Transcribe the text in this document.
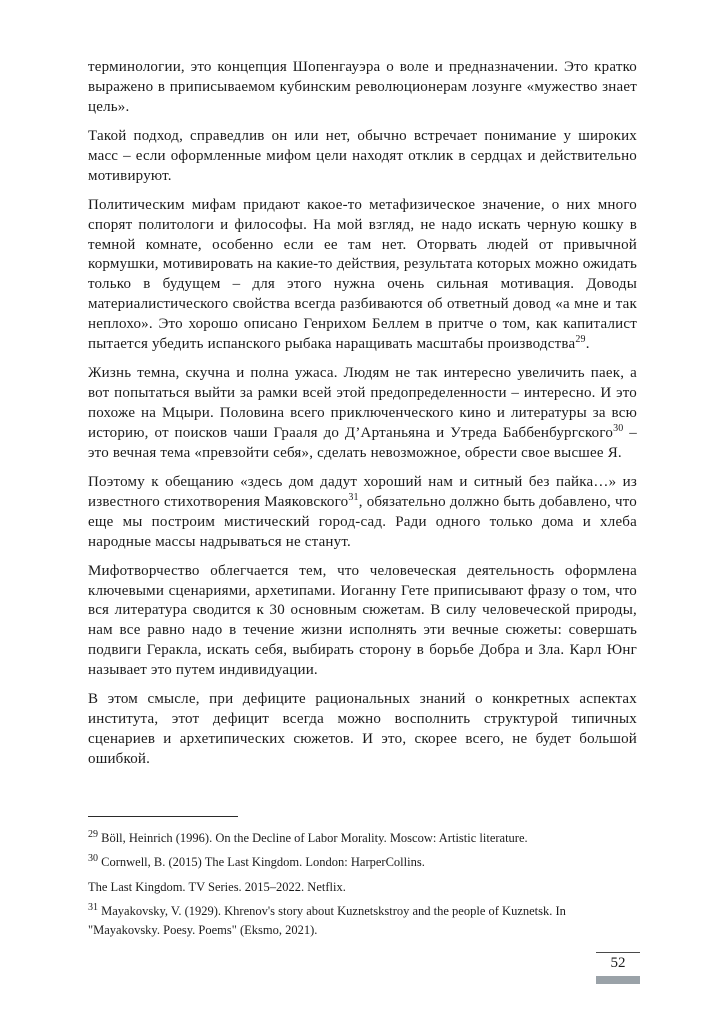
терминологии, это концепция Шопенгауэра о воле и предназначении. Это кратко выражено в приписываемом кубинским революционерам лозунге «мужество знает цель».

Такой подход, справедлив он или нет, обычно встречает понимание у широких масс – если оформленные мифом цели находят отклик в сердцах и действительно мотивируют.

Политическим мифам придают какое-то метафизическое значение, о них много спорят политологи и философы. На мой взгляд, не надо искать черную кошку в темной комнате, особенно если ее там нет. Оторвать людей от привычной кормушки, мотивировать на какие-то действия, результата которых можно ожидать только в будущем – для этого нужна очень сильная мотивация. Доводы материалистического свойства всегда разбиваются об ответный довод «а мне и так неплохо». Это хорошо описано Генрихом Беллем в притче о том, как капиталист пытается убедить испанского рыбака наращивать масштабы производства$^{29}$.

Жизнь темна, скучна и полна ужаса. Людям не так интересно увеличить паек, а вот попытаться выйти за рамки всей этой предопределенности – интересно. И это похоже на Мцыри. Половина всего приключенческого кино и литературы за всю историю, от поисков чаши Грааля до Д’Артаньяна и Утреда Баббенбургского$^{30}$ – это вечная тема «превзойти себя», сделать невозможное, обрести свое высшее Я.

Поэтому к обещанию «здесь дом дадут хороший нам и ситный без пайка…» из известного стихотворения Маяковского$^{31}$, обязательно должно быть добавлено, что еще мы построим мистический город-сад. Ради одного только дома и хлеба народные массы надрываться не станут.

Мифотворчество облегчается тем, что человеческая деятельность оформлена ключевыми сценариями, архетипами. Иоганну Гете приписывают фразу о том, что вся литература сводится к 30 основным сюжетам. В силу человеческой природы, нам все равно надо в течение жизни исполнять эти вечные сюжеты: совершать подвиги Геракла, искать себя, выбирать сторону в борьбе Добра и Зла. Карл Юнг называет это путем индивидуации.

В этом смысле, при дефиците рациональных знаний о конкретных аспектах института, этот дефицит всегда можно восполнить структурой типичных сценариев и архетипических сюжетов. И это, скорее всего, не будет большой ошибкой.

$^{29}$ Böll, Heinrich (1996). On the Decline of Labor Morality. Moscow: Artistic literature.
$^{30}$ Cornwell, B. (2015) The Last Kingdom. London: HarperCollins.
The Last Kingdom. TV Series. 2015–2022. Netflix.
$^{31}$ Mayakovsky, V. (1929). Khrenov's story about Kuznetskstroy and the people of Kuznetsk. In "Mayakovsky. Poesy. Poems" (Eksmo, 2021).
52
